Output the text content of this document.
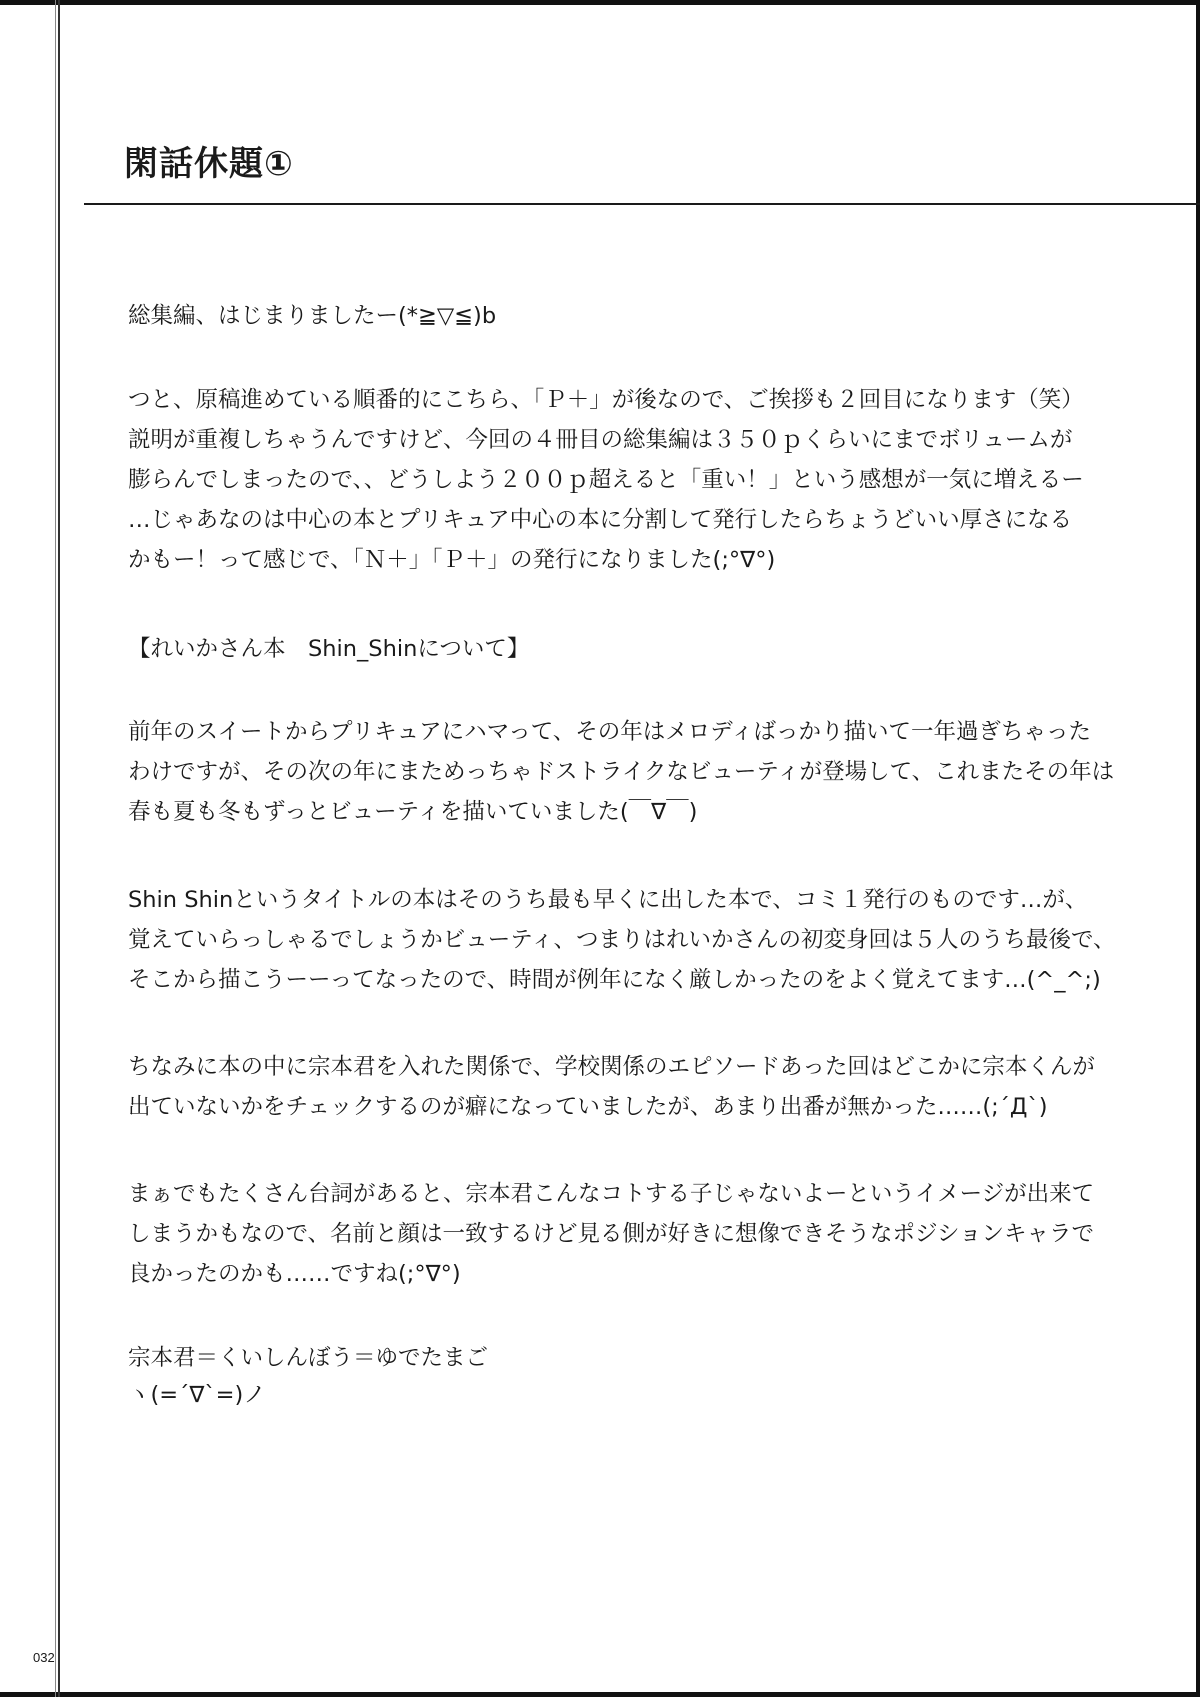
閑話休題①
総集編、はじまりましたー(*≧▽≦)b
つと、原稿進めている順番的にこちら、「Ｐ＋」が後なので、ご挨拶も２回目になります（笑）
説明が重複しちゃうんですけど、今回の４冊目の総集編は３５０ｐくらいにまでボリュームが
膨らんでしまったので、、どうしよう２００ｐ超えると「重い！」という感想が一気に増えるー
…じゃあなのは中心の本とプリキュア中心の本に分割して発行したらちょうどいい厚さになる
かもー！って感じで、「Ｎ＋」「Ｐ＋」の発行になりました(;°∇°)
【れいかさん本　Shin_Shinについて】
前年のスイートからプリキュアにハマって、その年はメロディばっかり描いて一年過ぎちゃった
わけですが、その次の年にまためっちゃドストライクなビューティが登場して、これまたその年は
春も夏も冬もずっとビューティを描いていました(￣∇￣)
Shin Shinというタイトルの本はそのうち最も早くに出した本で、コミ１発行のものです…が、
覚えていらっしゃるでしょうかビューティ、つまりはれいかさんの初変身回は５人のうち最後で、
そこから描こうーーってなったので、時間が例年になく厳しかったのをよく覚えてます…(^_^;)
ちなみに本の中に宗本君を入れた関係で、学校関係のエピソードあった回はどこかに宗本くんが
出ていないかをチェックするのが癖になっていましたが、あまり出番が無かった……(;´Д`)
まぁでもたくさん台詞があると、宗本君こんなコトする子じゃないよーというイメージが出来て
しまうかもなので、名前と顔は一致するけど見る側が好きに想像できそうなポジションキャラで
良かったのかも……ですね(;°∇°)
宗本君＝くいしんぼう＝ゆでたまご
ヽ(=´∇`=)ノ
032
